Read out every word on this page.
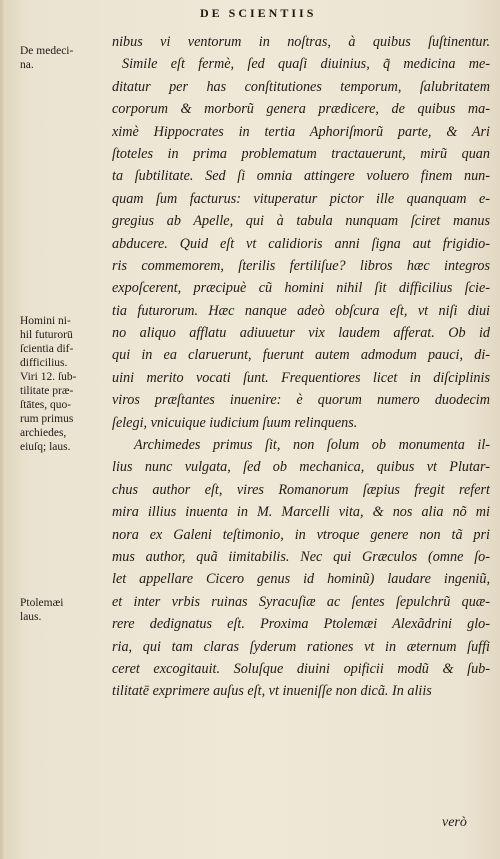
DE SCIENTIIS
De medeci-
na.
Homini ni-
hil futurorū
ſcientia dif-
difficilius.
Viri 12. ſub-
tilitate præ-
ſtātes, quo-
rum primus
archiedes,
eiuſq; laus.
Ptolemæi
laus.
nibus vi ventorum in noſtras, à quibus ſuſtinentur.
Simile eſt fermè, ſed quaſi diuinius, q̃ medicina me-
ditatur per has conſtitutiones temporum, ſalubritatem
corporum & morborũ genera prædicere, de quibus ma-
ximè Hippocrates in tertia Aphoriſmorũ parte, & Ari
ſtoteles in prima problematum tractauerunt, mirũ quan
ta ſubtilitate. Sed ſi omnia attingere voluero finem nun-
quam ſum facturus: vituperatur pictor ille quanquam e-
gregius ab Apelle, qui à tabula nunquam ſciret manus
abducere. Quid eſt vt calidioris anni ſigna aut frigidio-
ris commemorem, ſterilis fertiliſue? libros hæc integros
expoſcerent, præcipuè cũ homini nihil ſit difficilius ſcie-
tia futurorum. Hæc nanque adeò obſcura eſt, vt niſi diui
no aliquo afflatu adiuuetur vix laudem afferat. Ob id
qui in ea claruerunt, fuerunt autem admodum pauci, di-
uini merito vocati ſunt. Frequentiores licet in diſciplinis
viros præſtantes inuenire: è quorum numero duodecim
ſelegi, vnicuique iudicium ſuum relinquens.
Archimedes primus ſit, non ſolum ob monumenta il-
lius nunc vulgata, ſed ob mechanica, quibus vt Plutar-
chus author eſt, vires Romanorum ſæpius fregit refert
mira illius inuenta in M. Marcelli vita, & nos alia nõ mi
nora ex Galeni teſtimonio, in vtroque genere non tã pri
mus author, quã iimitabilis. Nec qui Græculos (omne ſo-
let appellare Cicero genus id hominũ) laudare ingeniũ,
et inter vrbis ruinas Syracuſiæ ac ſentes ſepulchrũ quæ-
rere dedignatus eſt. Proxima Ptolemæi Alexãdrini glo-
ria, qui tam claras ſyderum rationes vt in æternum ſuffi
ceret excogitauit. Soluſque diuini opificii modũ & ſub-
tilitatē exprimere auſus eſt, vt inueniſſe non dicã. In aliis
verò
